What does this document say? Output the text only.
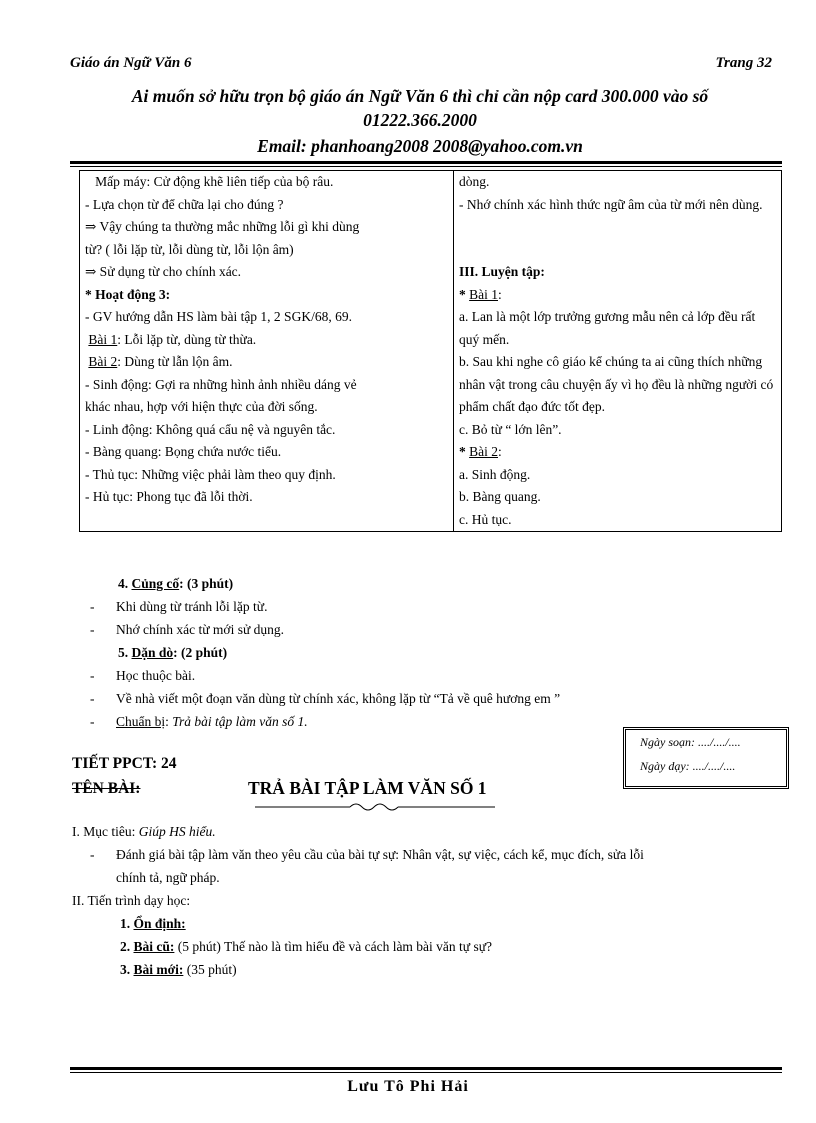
Giáo án Ngữ Văn 6	Trang 32
Ai muốn sở hữu trọn bộ giáo án Ngữ Văn 6 thì chỉ cần nộp card 300.000 vào số
01222.366.2000
Email: phanhoang2008 2008@yahoo.com.vn
Mấp máy: Cử động khẽ liên tiếp của bộ râu.
- Lựa chọn từ để chữa lại cho đúng ?
⇒ Vậy chúng ta thường mắc những lỗi gì khi dùng
từ? ( lỗi lặp từ, lỗi dùng từ, lỗi lộn âm)
⇒ Sử dụng từ cho chính xác.
* Hoạt động 3:
- GV hướng dẫn HS làm bài tập 1, 2 SGK/68, 69.
Bài 1: Lỗi lặp từ, dùng từ thừa.
Bài 2: Dùng từ lẫn lộn âm.
- Sinh động: Gợi ra những hình ảnh nhiều dáng vẻ
khác nhau, hợp với hiện thực của đời sống.
- Linh động: Không quá cẩu nệ và nguyên tắc.
- Bàng quang: Bọng chứa nước tiểu.
- Thủ tục: Những việc phải làm theo quy định.
- Hủ tục: Phong tục đã lỗi thời.

dòng.
- Nhớ chính xác hình thức ngữ âm của từ mới nên dùng.
III. Luyện tập:
* Bài 1:
a. Lan là một lớp trưởng gương mẫu nên cả lớp đều rất quý mến.
b. Sau khi nghe cô giáo kể chúng ta ai cũng thích những nhân vật trong câu chuyện ấy vì họ đều là những người có phẩm chất đạo đức tốt đẹp.
c. Bỏ từ “ lớn lên”.
* Bài 2:
a. Sinh động.
b. Bàng quang.
c. Hủ tục.
4. Củng cố: (3 phút)
- Khi dùng từ tránh lỗi lặp từ.
- Nhớ chính xác từ mới sử dụng.
5. Dặn dò: (2 phút)
- Học thuộc bài.
- Về nhà viết một đoạn văn dùng từ chính xác, không lặp từ “Tả về quê hương em ”
- Chuẩn bị: Trả bài tập làm văn số 1.
Ngày soạn: ..../..../....
Ngày dạy: ..../..../....
TIẾT PPCT: 24
TÊN BÀI:	TRẢ BÀI TẬP LÀM VĂN SỐ 1
I. Mục tiêu: Giúp HS hiểu.
- Đánh giá bài tập làm văn theo yêu cầu của bài tự sự: Nhân vật, sự việc, cách kể, mục đích, sửa lỗi
chính tả, ngữ pháp.
II. Tiến trình dạy học:
1. Ổn định:
2. Bài cũ: (5 phút) Thế nào là tìm hiểu đề và cách làm bài văn tự sự?
3. Bài mới: (35 phút)
Lưu Tô Phi Hải
